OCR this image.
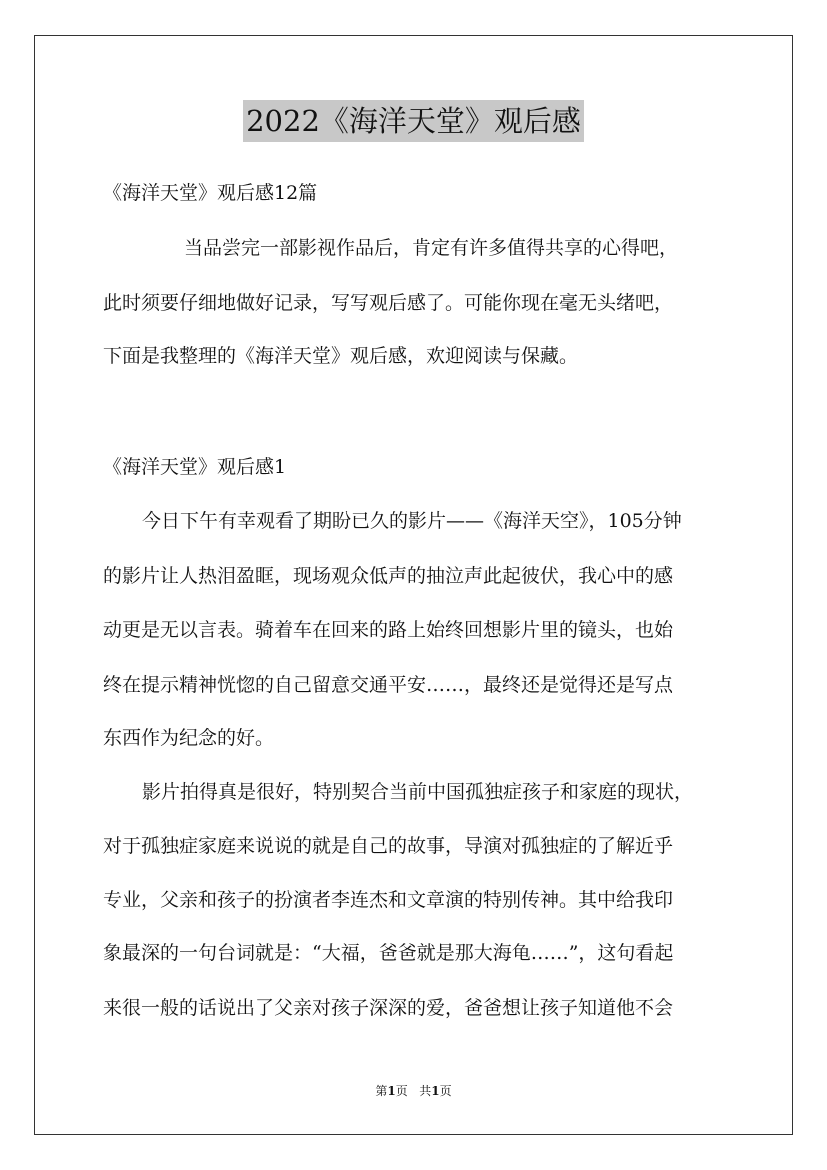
2022《海洋天堂》观后感
《海洋天堂》观后感12篇
当品尝完一部影视作品后，肯定有许多值得共享的心得吧，
此时须要仔细地做好记录，写写观后感了。可能你现在毫无头绪吧，
下面是我整理的《海洋天堂》观后感，欢迎阅读与保藏。
《海洋天堂》观后感1
今日下午有幸观看了期盼已久的影片——《海洋天空》，105分钟
的影片让人热泪盈眶，现场观众低声的抽泣声此起彼伏，我心中的感
动更是无以言表。骑着车在回来的路上始终回想影片里的镜头，也始
终在提示精神恍惚的自己留意交通平安……，最终还是觉得还是写点
东西作为纪念的好。
影片拍得真是很好，特别契合当前中国孤独症孩子和家庭的现状，
对于孤独症家庭来说说的就是自己的故事，导演对孤独症的了解近乎
专业，父亲和孩子的扮演者李连杰和文章演的特别传神。其中给我印
象最深的一句台词就是：“大福，爸爸就是那大海龟……”，这句看起
来很一般的话说出了父亲对孩子深深的爱，爸爸想让孩子知道他不会
第1页 共1页
